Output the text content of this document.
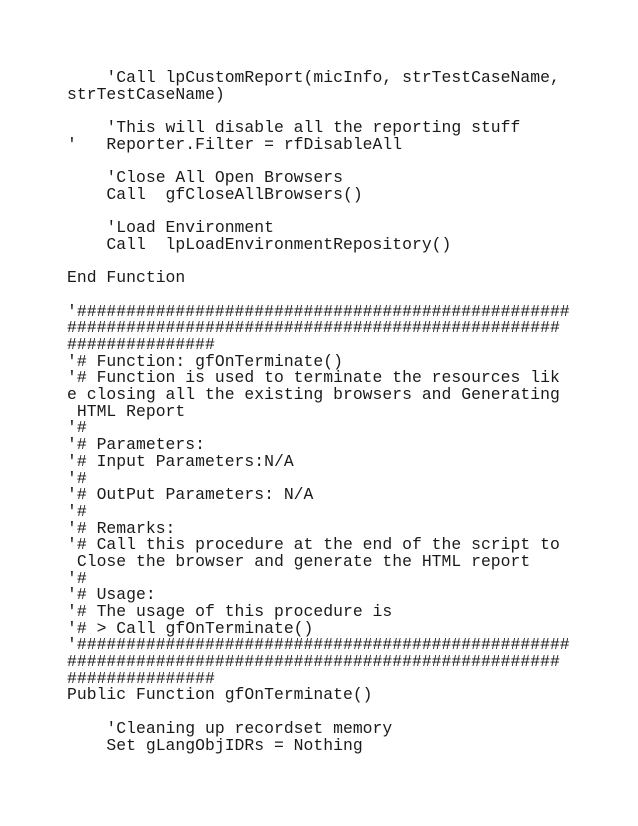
'Call lpCustomReport(micInfo, strTestCaseName,
strTestCaseName)
'This will disable all the reporting stuff
'   Reporter.Filter = rfDisableAll
'Close All Open Browsers
Call  gfCloseAllBrowsers()
'Load Environment
Call  lpLoadEnvironmentRepository()
End Function
'##################################################
##################################################
###############
'# Function: gfOnTerminate()
'# Function is used to terminate the resources lik
e closing all the existing browsers and Generating
HTML Report
'#
'# Parameters:
'# Input Parameters:N/A
'#
'# OutPut Parameters: N/A
'#
'# Remarks:
'# Call this procedure at the end of the script to
Close the browser and generate the HTML report
'#
'# Usage:
'# The usage of this procedure is
'# > Call gfOnTerminate()
'##################################################
##################################################
###############
Public Function gfOnTerminate()
'Cleaning up recordset memory
Set gLangObjIDRs = Nothing
